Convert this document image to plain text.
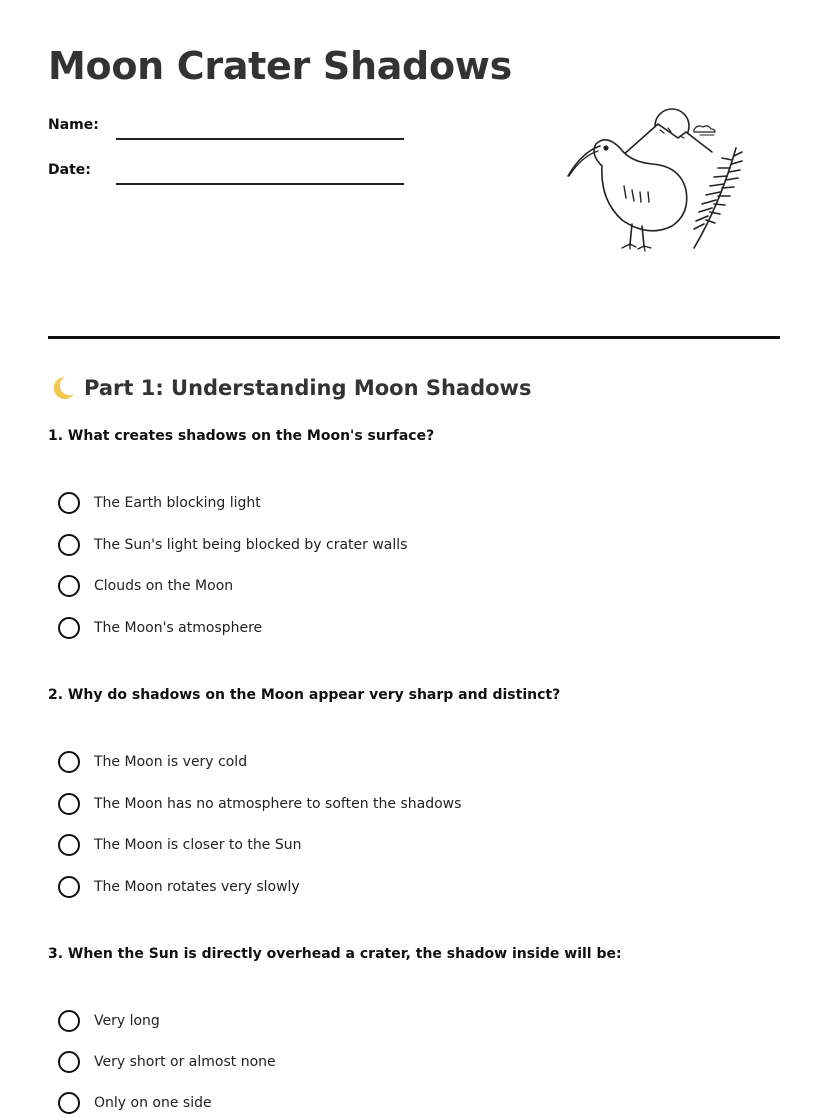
Moon Crater Shadows
Name:
Date:
Part 1: Understanding Moon Shadows

1. What creates shadows on the Moon's surface?

The Earth blocking light
The Sun's light being blocked by crater walls
Clouds on the Moon
The Moon's atmosphere

2. Why do shadows on the Moon appear very sharp and distinct?

The Moon is very cold
The Moon has no atmosphere to soften the shadows
The Moon is closer to the Sun
The Moon rotates very slowly

3. When the Sun is directly overhead a crater, the shadow inside will be:

Very long
Very short or almost none
Only on one side
